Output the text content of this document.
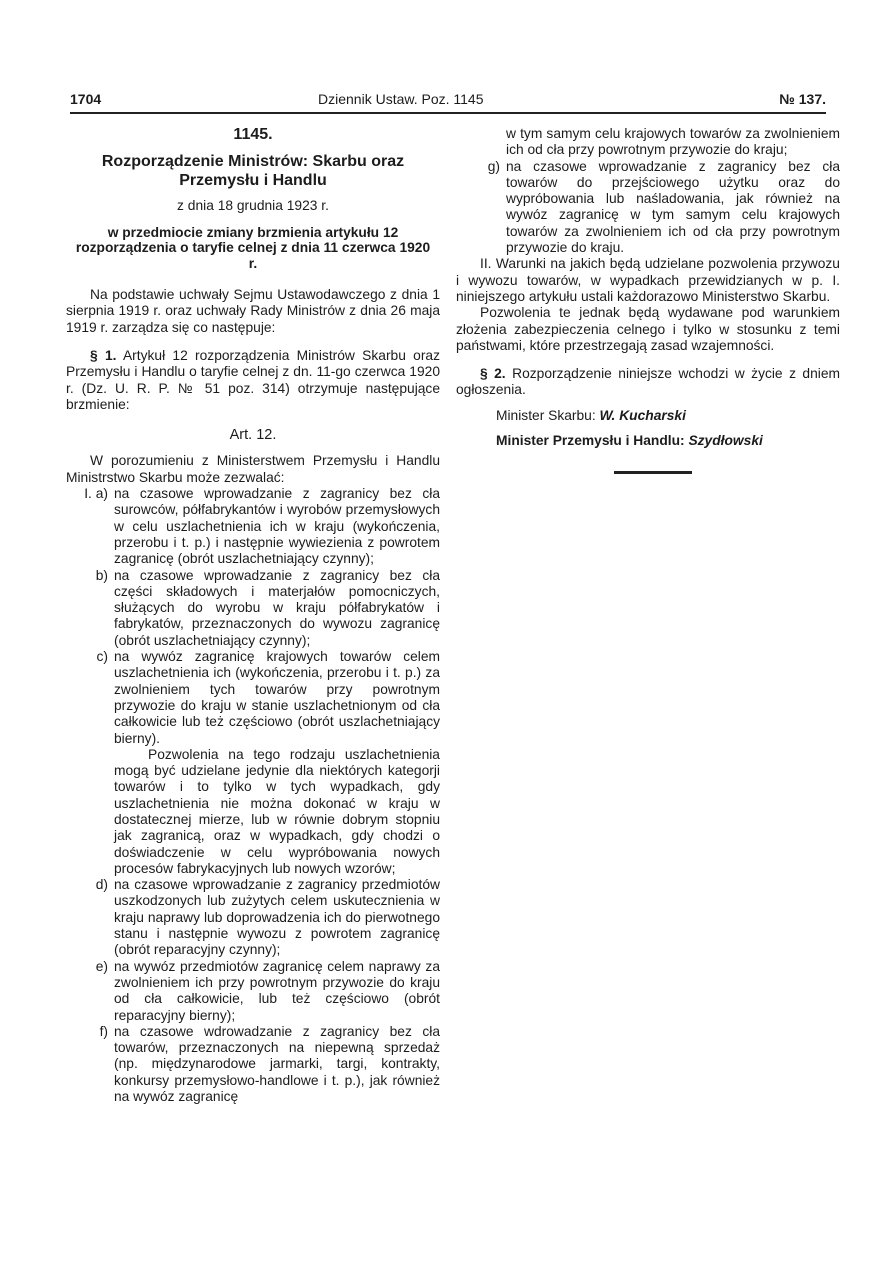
1704	Dziennik Ustaw. Poz. 1145	№ 137.
1145.
Rozporządzenie Ministrów: Skarbu oraz
Przemysłu i Handlu
z dnia 18 grudnia 1923 r.
w przedmiocie zmiany brzmienia artykułu 12 rozporządzenia o taryfie celnej z dnia 11 czerwca 1920 r.

Na podstawie uchwały Sejmu Ustawodawczego z dnia 1 sierpnia 1919 r. oraz uchwały Rady Ministrów z dnia 26 maja 1919 r. zarządza się co następuje:

§ 1. Artykuł 12 rozporządzenia Ministrów Skarbu oraz Przemysłu i Handlu o taryfie celnej z dn. 11-go czerwca 1920 r. (Dz. U. R. P. № 51 poz. 314) otrzymuje następujące brzmienie:

Art. 12.

W porozumieniu z Ministerstwem Przemysłu i Handlu Ministrstwo Skarbu może zezwalać:

I. a) na czasowe wprowadzanie z zagranicy bez cła surowców, półfabrykantów i wyrobów przemysłowych w celu uszlachetnienia ich w kraju (wykończenia, przerobu i t. p.) i następnie wywiezienia z powrotem zagranicę (obrót uszlachetniający czynny);
b) na czasowe wprowadzanie z zagranicy bez cła części składowych i materjałów pomocniczych, służących do wyrobu w kraju półfabrykatów i fabrykatów, przeznaczonych do wywozu zagranicę (obrót uszlachetniający czynny);
c) na wywóz zagranicę krajowych towarów celem uszlachetnienia ich (wykończenia, przerobu i t. p.) za zwolnieniem tych towarów przy powrotnym przywozie do kraju w stanie uszlachetnionym od cła całkowicie lub też częściowo (obrót uszlachetniający bierny).

Pozwolenia na tego rodzaju uszlachetnienia mogą być udzielane jedynie dla niektórych kategorji towarów i to tylko w tych wypadkach, gdy uszlachetnienia nie można dokonać w kraju w dostatecznej mierze, lub w równie dobrym stopniu jak zagranicą, oraz w wypadkach, gdy chodzi o doświadczenie w celu wypróbowania nowych procesów fabrykacyjnych lub nowych wzorów;

d) na czasowe wprowadzanie z zagranicy przedmiotów uszkodzonych lub zużytych celem uskutecznienia w kraju naprawy lub doprowadzenia ich do pierwotnego stanu i następnie wywozu z powrotem zagranicę (obrót reparacyjny czynny);
e) na wywóz przedmiotów zagranicę celem naprawy za zwolnieniem ich przy powrotnym przywozie do kraju od cła całkowicie, lub też częściowo (obrót reparacyjny bierny);
f) na czasowe wdrowadzanie z zagranicy bez cła towarów, przeznaczonych na niepewną sprzedaż (np. międzynarodowe jarmarki, targi, kontrakty, konkursy przemysłowo-handlowe i t. p.), jak również na wywóz zagranicę
w tym samym celu krajowych towarów za zwolnieniem ich od cła przy powrotnym przywozie do kraju;
g) na czasowe wprowadzanie z zagranicy bez cła towarów do przejściowego użytku oraz do wypróbowania lub naśladowania, jak również na wywóz zagranicę w tym samym celu krajowych towarów za zwolnieniem ich od cła przy powrotnym przywozie do kraju.

II. Warunki na jakich będą udzielane pozwolenia przywozu i wywozu towarów, w wypadkach przewidzianych w p. I. niniejszego artykułu ustali każdorazowo Ministerstwo Skarbu.

Pozwolenia te jednak będą wydawane pod warunkiem złożenia zabezpieczenia celnego i tylko w stosunku z temi państwami, które przestrzegają zasad wzajemności.

§ 2. Rozporządzenie niniejsze wchodzi w życie z dniem ogłoszenia.

Minister Skarbu: W. Kucharski
Minister Przemysłu i Handlu: Szydłowski
